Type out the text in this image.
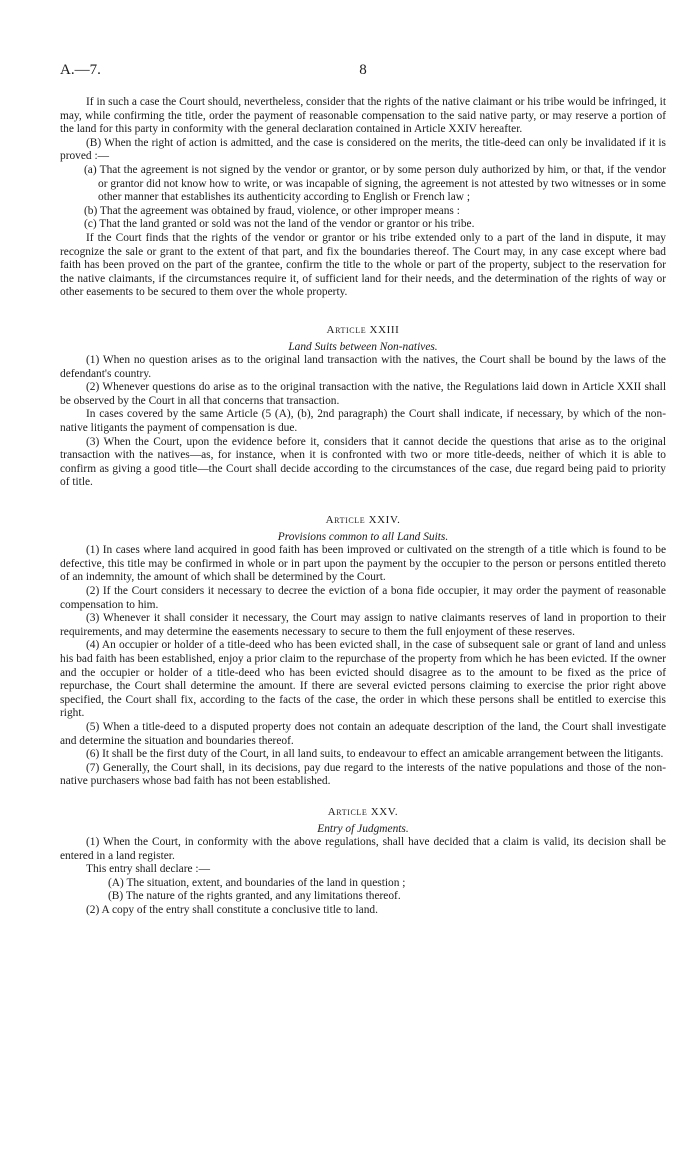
A.—7.	8

If in such a case the Court should, nevertheless, consider that the rights of the native claimant or his tribe would be infringed, it may, while confirming the title, order the payment of reasonable compensation to the said native party, or may reserve a portion of the land for this party in conformity with the general declaration contained in Article XXIV hereafter.

(B) When the right of action is admitted, and the case is considered on the merits, the title-deed can only be invalidated if it is proved :—

(a) That the agreement is not signed by the vendor or grantor, or by some person duly authorized by him, or that, if the vendor or grantor did not know how to write, or was incapable of signing, the agreement is not attested by two witnesses or in some other manner that establishes its authenticity according to English or French law ;

(b) That the agreement was obtained by fraud, violence, or other improper means :

(c) That the land granted or sold was not the land of the vendor or grantor or his tribe.

If the Court finds that the rights of the vendor or grantor or his tribe extended only to a part of the land in dispute, it may recognize the sale or grant to the extent of that part, and fix the boundaries thereof. The Court may, in any case except where bad faith has been proved on the part of the grantee, confirm the title to the whole or part of the property, subject to the reservation for the native claimants, if the circumstances require it, of sufficient land for their needs, and the determination of the rights of way or other easements to be secured to them over the whole property.

Article XXIII

Land Suits between Non-natives.

(1) When no question arises as to the original land transaction with the natives, the Court shall be bound by the laws of the defendant's country.

(2) Whenever questions do arise as to the original transaction with the native, the Regulations laid down in Article XXII shall be observed by the Court in all that concerns that transaction.

In cases covered by the same Article (5 (A), (b), 2nd paragraph) the Court shall indicate, if necessary, by which of the non-native litigants the payment of compensation is due.

(3) When the Court, upon the evidence before it, considers that it cannot decide the questions that arise as to the original transaction with the natives—as, for instance, when it is confronted with two or more title-deeds, neither of which it is able to confirm as giving a good title—the Court shall decide according to the circumstances of the case, due regard being paid to priority of title.

Article XXIV.

Provisions common to all Land Suits.

(1) In cases where land acquired in good faith has been improved or cultivated on the strength of a title which is found to be defective, this title may be confirmed in whole or in part upon the payment by the occupier to the person or persons entitled thereto of an indemnity, the amount of which shall be determined by the Court.

(2) If the Court considers it necessary to decree the eviction of a bona fide occupier, it may order the payment of reasonable compensation to him.

(3) Whenever it shall consider it necessary, the Court may assign to native claimants reserves of land in proportion to their requirements, and may determine the easements necessary to secure to them the full enjoyment of these reserves.

(4) An occupier or holder of a title-deed who has been evicted shall, in the case of subsequent sale or grant of land and unless his bad faith has been established, enjoy a prior claim to the repurchase of the property from which he has been evicted. If the owner and the occupier or holder of a title-deed who has been evicted should disagree as to the amount to be fixed as the price of repurchase, the Court shall determine the amount. If there are several evicted persons claiming to exercise the prior right above specified, the Court shall fix, according to the facts of the case, the order in which these persons shall be entitled to exercise this right.

(5) When a title-deed to a disputed property does not contain an adequate description of the land, the Court shall investigate and determine the situation and boundaries thereof.

(6) It shall be the first duty of the Court, in all land suits, to endeavour to effect an amicable arrangement between the litigants.

(7) Generally, the Court shall, in its decisions, pay due regard to the interests of the native populations and those of the non-native purchasers whose bad faith has not been established.

Article XXV.

Entry of Judgments.

(1) When the Court, in conformity with the above regulations, shall have decided that a claim is valid, its decision shall be entered in a land register.

This entry shall declare :—

(A) The situation, extent, and boundaries of the land in question ;

(B) The nature of the rights granted, and any limitations thereof.

(2) A copy of the entry shall constitute a conclusive title to land.
